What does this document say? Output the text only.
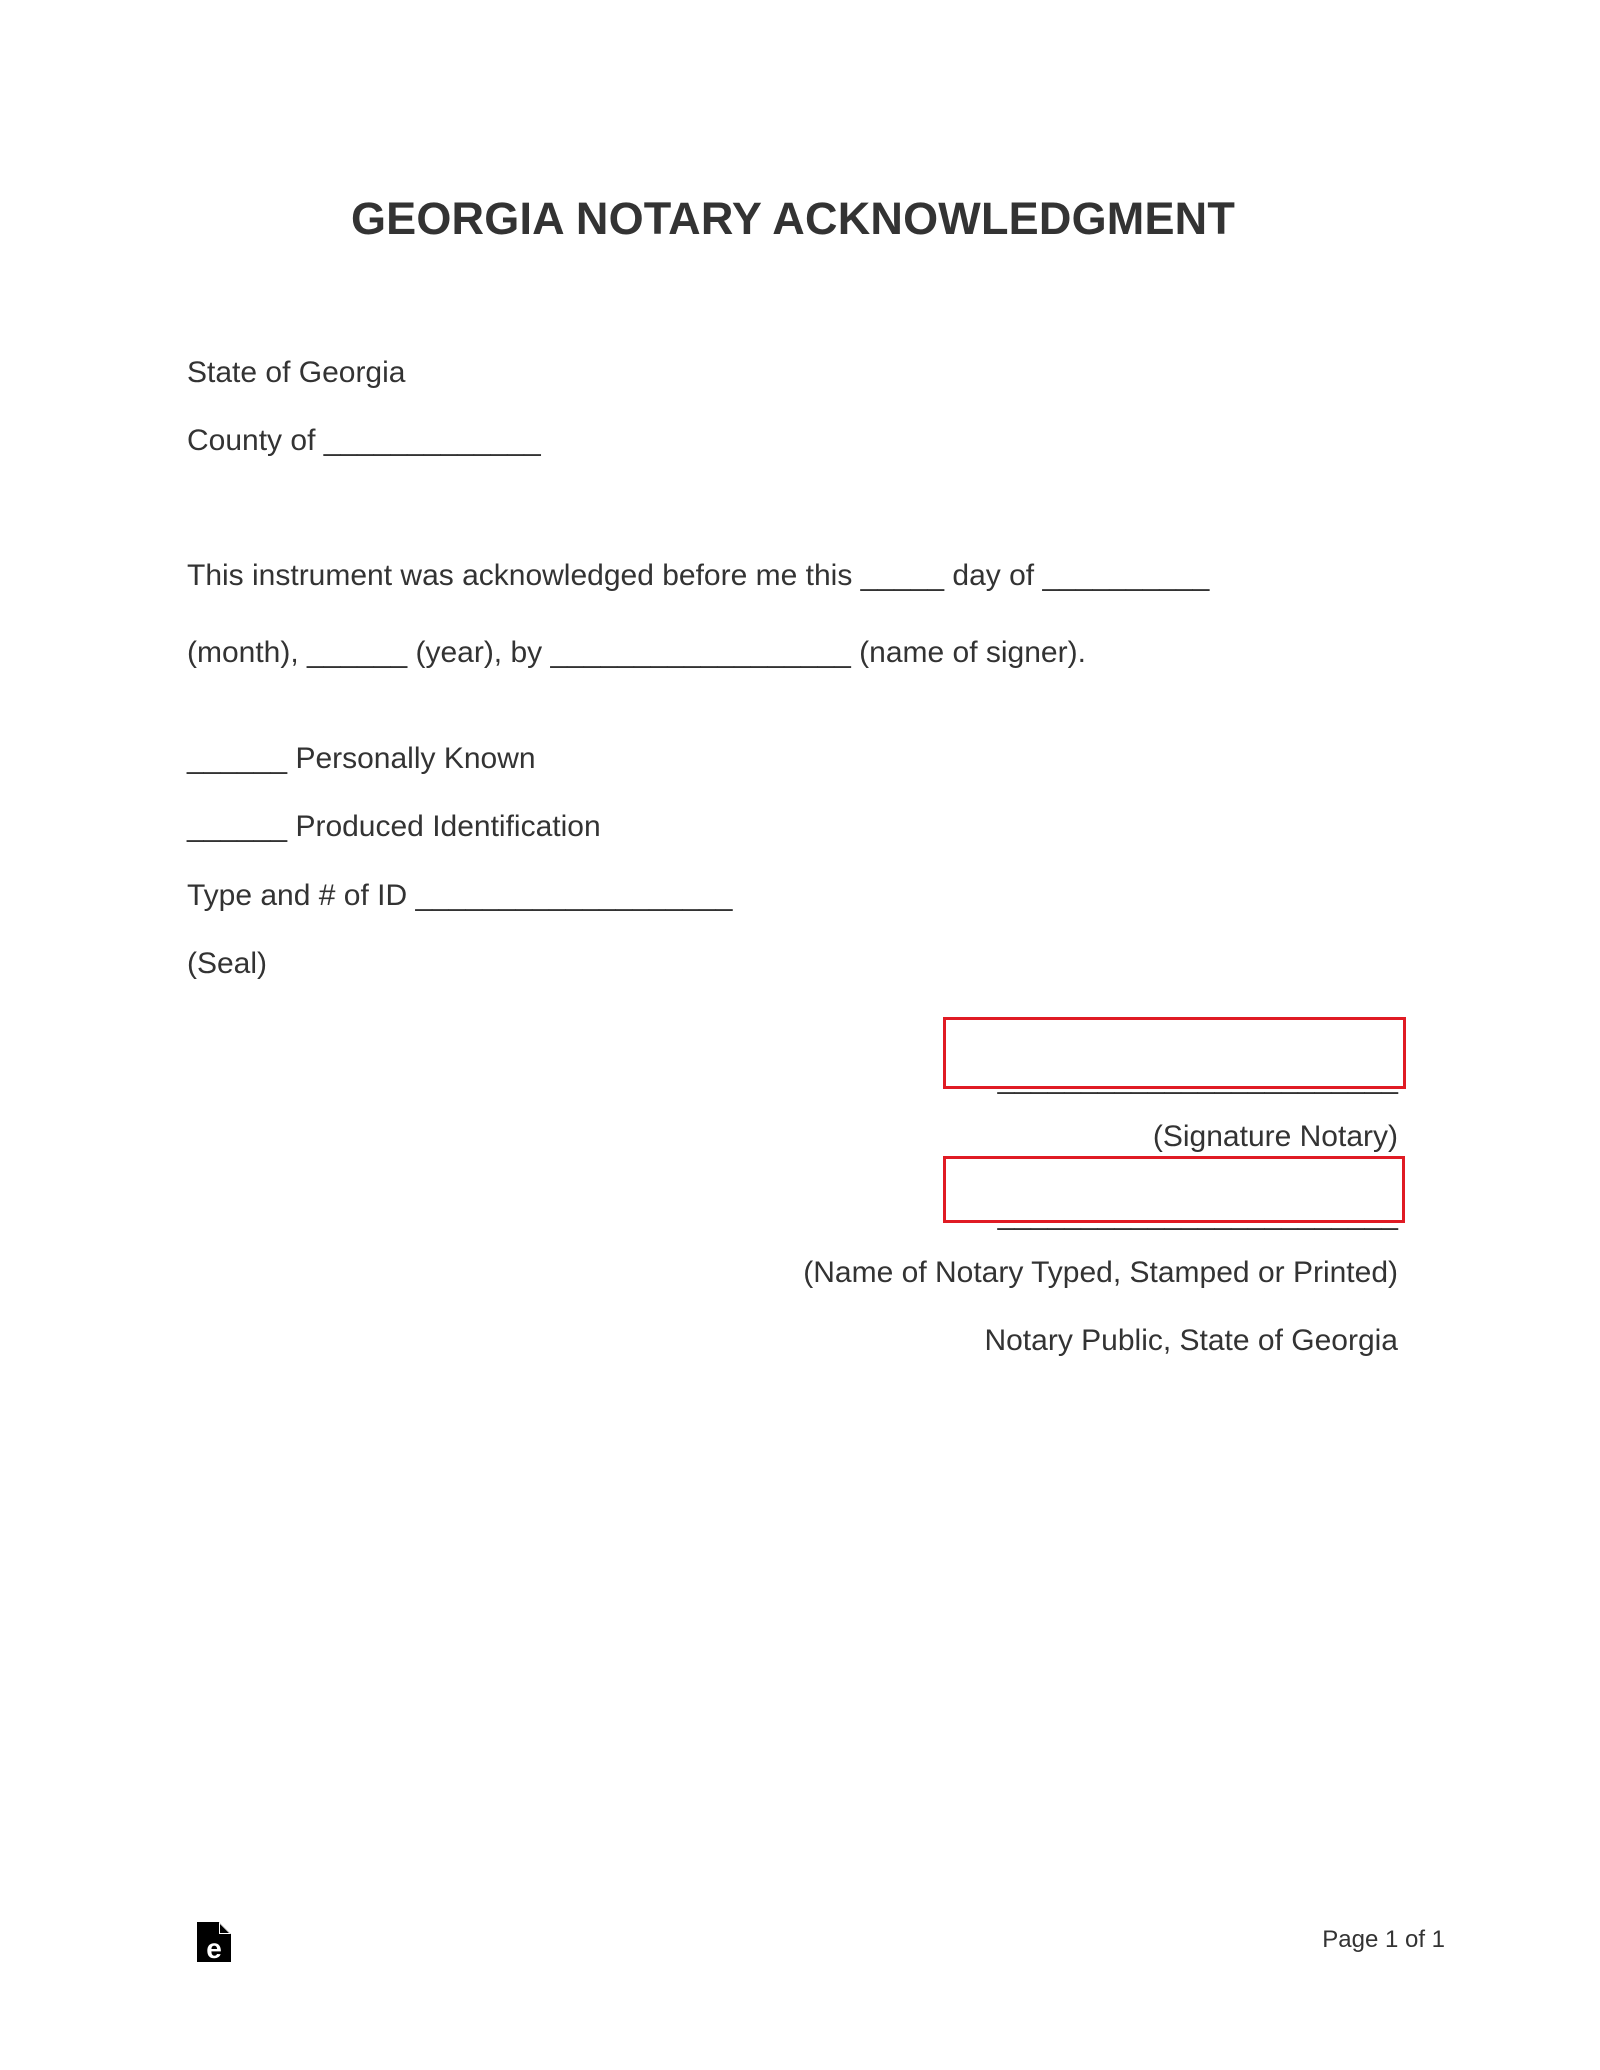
GEORGIA NOTARY ACKNOWLEDGMENT
State of Georgia
County of _____________
This instrument was acknowledged before me this _____ day of __________
(month), ______ (year), by __________________ (name of signer).
______ Personally Known
______ Produced Identification
Type and # of ID ___________________
(Seal)
________________________
(Signature Notary)
________________________
(Name of Notary Typed, Stamped or Printed)
Notary Public, State of Georgia
e	Page 1 of 1
